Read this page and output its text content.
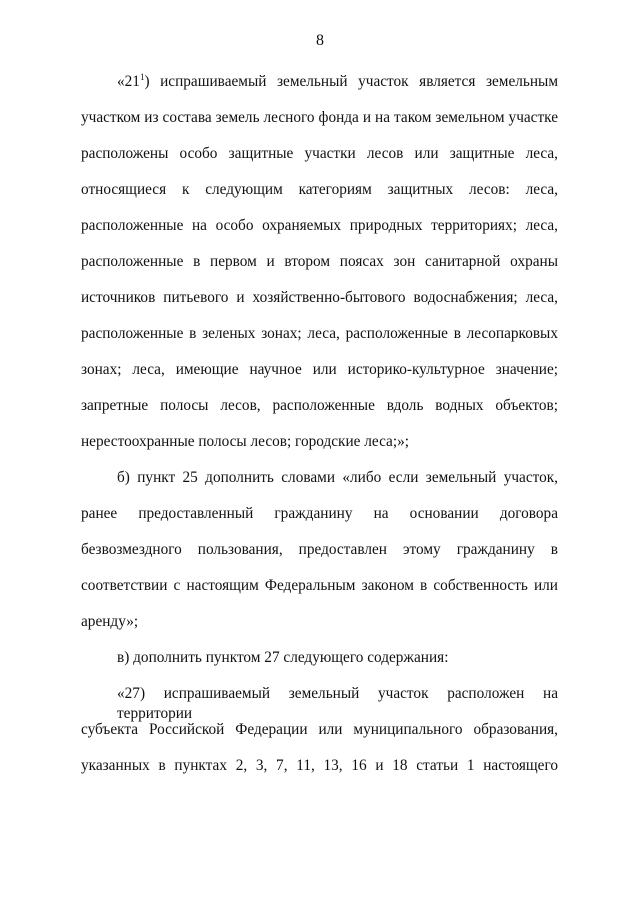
8
«$21^1$) испрашиваемый земельный участок является земельным
участком из состава земель лесного фонда и на таком земельном участке
расположены особо защитные участки лесов или защитные леса,
относящиеся к следующим категориям защитных лесов: леса,
расположенные на особо охраняемых природных территориях; леса,
расположенные в первом и втором поясах зон санитарной охраны
источников питьевого и хозяйственно-бытового водоснабжения; леса,
расположенные в зеленых зонах; леса, расположенные в лесопарковых
зонах; леса, имеющие научное или историко-культурное значение;
запретные полосы лесов, расположенные вдоль водных объектов;
нерестоохранные полосы лесов; городские леса;»;
б) пункт 25 дополнить словами «либо если земельный участок,
ранее предоставленный гражданину на основании договора
безвозмездного пользования, предоставлен этому гражданину в
соответствии с настоящим Федеральным законом в собственность или
аренду»;
в) дополнить пунктом 27 следующего содержания:
«27) испрашиваемый земельный участок расположен на территории
субъекта Российской Федерации или муниципального образования,
указанных в пунктах 2, 3, 7, 11, 13, 16 и 18 статьи 1 настоящего
